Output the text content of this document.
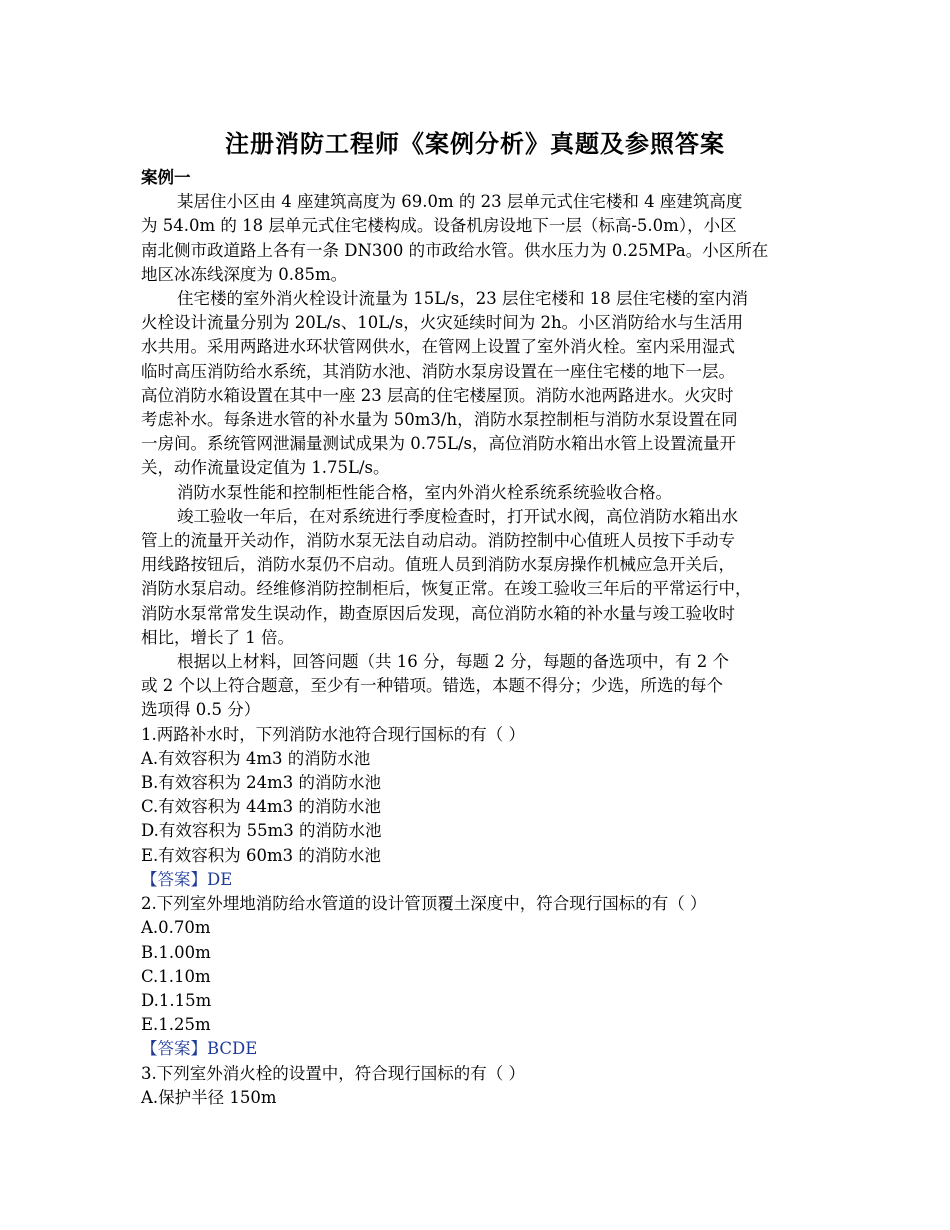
注册消防工程师《案例分析》真题及参照答案
案例一
某居住小区由 4 座建筑高度为 69.0m 的 23 层单元式住宅楼和 4 座建筑高度
为 54.0m 的 18 层单元式住宅楼构成。设备机房设地下一层（标高-5.0m），小区
南北侧市政道路上各有一条 DN300 的市政给水管。供水压力为 0.25MPa。小区所在
地区冰冻线深度为 0.85m。
住宅楼的室外消火栓设计流量为 15L/s，23 层住宅楼和 18 层住宅楼的室内消
火栓设计流量分别为 20L/s、10L/s，火灾延续时间为 2h。小区消防给水与生活用
水共用。采用两路进水环状管网供水，在管网上设置了室外消火栓。室内采用湿式
临时高压消防给水系统，其消防水池、消防水泵房设置在一座住宅楼的地下一层。
高位消防水箱设置在其中一座 23 层高的住宅楼屋顶。消防水池两路进水。火灾时
考虑补水。每条进水管的补水量为 50m3/h，消防水泵控制柜与消防水泵设置在同
一房间。系统管网泄漏量测试成果为 0.75L/s，高位消防水箱出水管上设置流量开
关，动作流量设定值为 1.75L/s。
消防水泵性能和控制柜性能合格，室内外消火栓系统系统验收合格。
竣工验收一年后，在对系统进行季度检查时，打开试水阀，高位消防水箱出水
管上的流量开关动作，消防水泵无法自动启动。消防控制中心值班人员按下手动专
用线路按钮后，消防水泵仍不启动。值班人员到消防水泵房操作机械应急开关后，
消防水泵启动。经维修消防控制柜后，恢复正常。在竣工验收三年后的平常运行中，
消防水泵常常发生误动作，勘查原因后发现，高位消防水箱的补水量与竣工验收时
相比，增长了 1 倍。
根据以上材料，回答问题（共 16 分，每题 2 分，每题的备选项中，有 2 个
或 2 个以上符合题意，至少有一种错项。错选，本题不得分；少选，所选的每个
选项得 0.5 分）
1.两路补水时，下列消防水池符合现行国标的有（ ）
A.有效容积为 4m3 的消防水池
B.有效容积为 24m3 的消防水池
C.有效容积为 44m3 的消防水池
D.有效容积为 55m3 的消防水池
E.有效容积为 60m3 的消防水池
【答案】DE
2.下列室外埋地消防给水管道的设计管顶覆土深度中，符合现行国标的有（ ）
A.0.70m
B.1.00m
C.1.10m
D.1.15m
E.1.25m
【答案】BCDE
3.下列室外消火栓的设置中，符合现行国标的有（ ）
A.保护半径 150m
